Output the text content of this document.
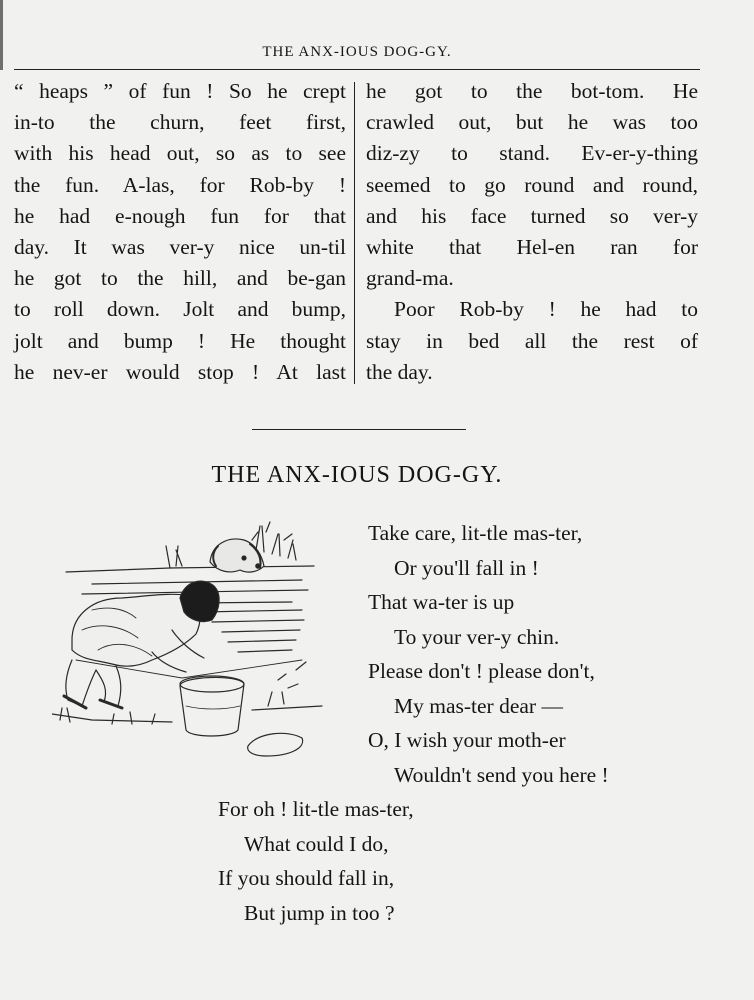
THE ANX-IOUS DOG-GY.
“ heaps ” of fun ! So he crept
in-to the churn, feet first,
with his head out, so as to see
the fun. A-las, for Rob-by !
he had e-nough fun for that
day. It was ver-y nice un-til
he got to the hill, and be-gan
to roll down. Jolt and bump,
jolt and bump ! He thought
he nev-er would stop ! At last
he got to the bot-tom. He
crawled out, but he was too
diz-zy to stand. Ev-er-y-thing
seemed to go round and round,
and his face turned so ver-y
white that Hel-en ran for
grand-ma.
Poor Rob-by ! he had to
stay in bed all the rest of
the day.
THE ANX-IOUS DOG-GY.
Take care, lit-tle mas-ter,
Or you'll fall in !
That wa-ter is up
To your ver-y chin.
Please don't ! please don't,
My mas-ter dear —
O, I wish your moth-er
Wouldn't send you here !
For oh ! lit-tle mas-ter,
What could I do,
If you should fall in,
But jump in too ?
